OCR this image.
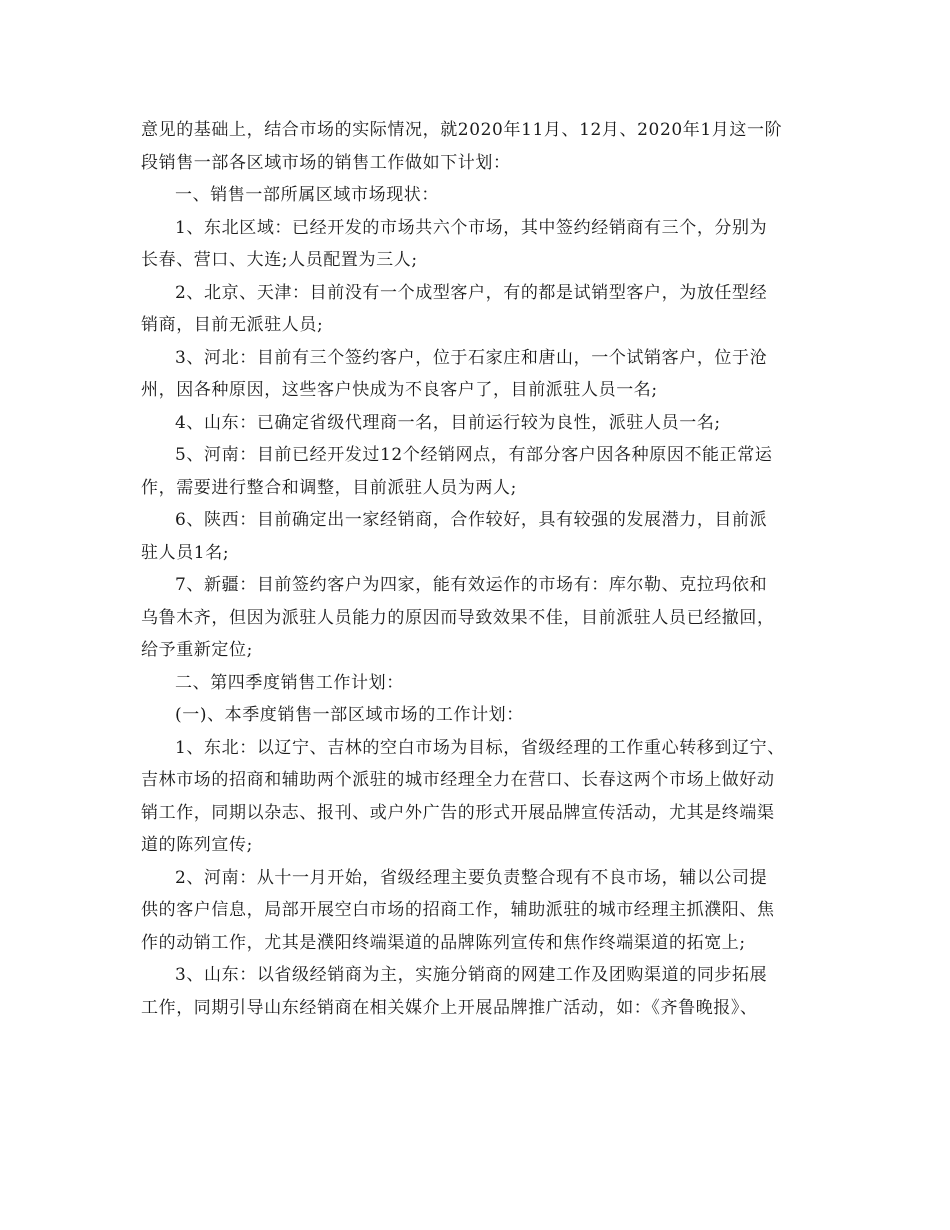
意见的基础上，结合市场的实际情况，就2020年11月、12月、2020年1月这一阶
段销售一部各区域市场的销售工作做如下计划：
一、销售一部所属区域市场现状：
1、东北区域：已经开发的市场共六个市场，其中签约经销商有三个，分别为
长春、营口、大连;人员配置为三人;
2、北京、天津：目前没有一个成型客户，有的都是试销型客户，为放任型经
销商，目前无派驻人员;
3、河北：目前有三个签约客户，位于石家庄和唐山，一个试销客户，位于沧
州，因各种原因，这些客户快成为不良客户了，目前派驻人员一名;
4、山东：已确定省级代理商一名，目前运行较为良性，派驻人员一名;
5、河南：目前已经开发过12个经销网点，有部分客户因各种原因不能正常运
作，需要进行整合和调整，目前派驻人员为两人;
6、陕西：目前确定出一家经销商，合作较好，具有较强的发展潜力，目前派
驻人员1名;
7、新疆：目前签约客户为四家，能有效运作的市场有：库尔勒、克拉玛依和
乌鲁木齐，但因为派驻人员能力的原因而导致效果不佳，目前派驻人员已经撤回，
给予重新定位;
二、第四季度销售工作计划：
(一)、本季度销售一部区域市场的工作计划：
1、东北：以辽宁、吉林的空白市场为目标，省级经理的工作重心转移到辽宁、
吉林市场的招商和辅助两个派驻的城市经理全力在营口、长春这两个市场上做好动
销工作，同期以杂志、报刊、或户外广告的形式开展品牌宣传活动，尤其是终端渠
道的陈列宣传;
2、河南：从十一月开始，省级经理主要负责整合现有不良市场，辅以公司提
供的客户信息，局部开展空白市场的招商工作，辅助派驻的城市经理主抓濮阳、焦
作的动销工作，尤其是濮阳终端渠道的品牌陈列宣传和焦作终端渠道的拓宽上;
3、山东：以省级经销商为主，实施分销商的网建工作及团购渠道的同步拓展
工作，同期引导山东经销商在相关媒介上开展品牌推广活动，如：《齐鲁晚报》、
